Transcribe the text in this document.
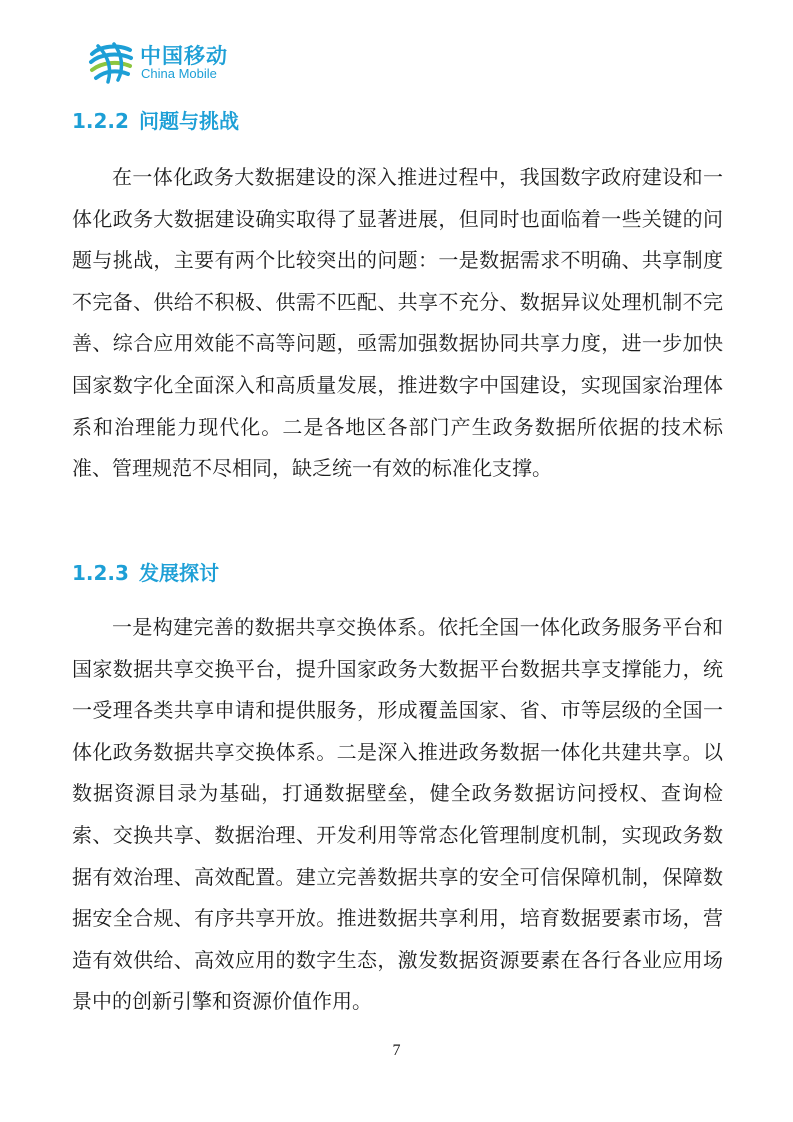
中国移动
China Mobile
1.2.2 问题与挑战

在一体化政务大数据建设的深入推进过程中，我国数字政府建设和一体化政务大数据建设确实取得了显著进展，但同时也面临着一些关键的问题与挑战，主要有两个比较突出的问题：一是数据需求不明确、共享制度不完备、供给不积极、供需不匹配、共享不充分、数据异议处理机制不完善、综合应用效能不高等问题，亟需加强数据协同共享力度，进一步加快国家数字化全面深入和高质量发展，推进数字中国建设，实现国家治理体系和治理能力现代化。二是各地区各部门产生政务数据所依据的技术标准、管理规范不尽相同，缺乏统一有效的标准化支撑。

1.2.3 发展探讨

一是构建完善的数据共享交换体系。依托全国一体化政务服务平台和国家数据共享交换平台，提升国家政务大数据平台数据共享支撑能力，统一受理各类共享申请和提供服务，形成覆盖国家、省、市等层级的全国一体化政务数据共享交换体系。二是深入推进政务数据一体化共建共享。以数据资源目录为基础，打通数据壁垒，健全政务数据访问授权、查询检索、交换共享、数据治理、开发利用等常态化管理制度机制，实现政务数据有效治理、高效配置。建立完善数据共享的安全可信保障机制，保障数据安全合规、有序共享开放。推进数据共享利用，培育数据要素市场，营造有效供给、高效应用的数字生态，激发数据资源要素在各行各业应用场景中的创新引擎和资源价值作用。

7
